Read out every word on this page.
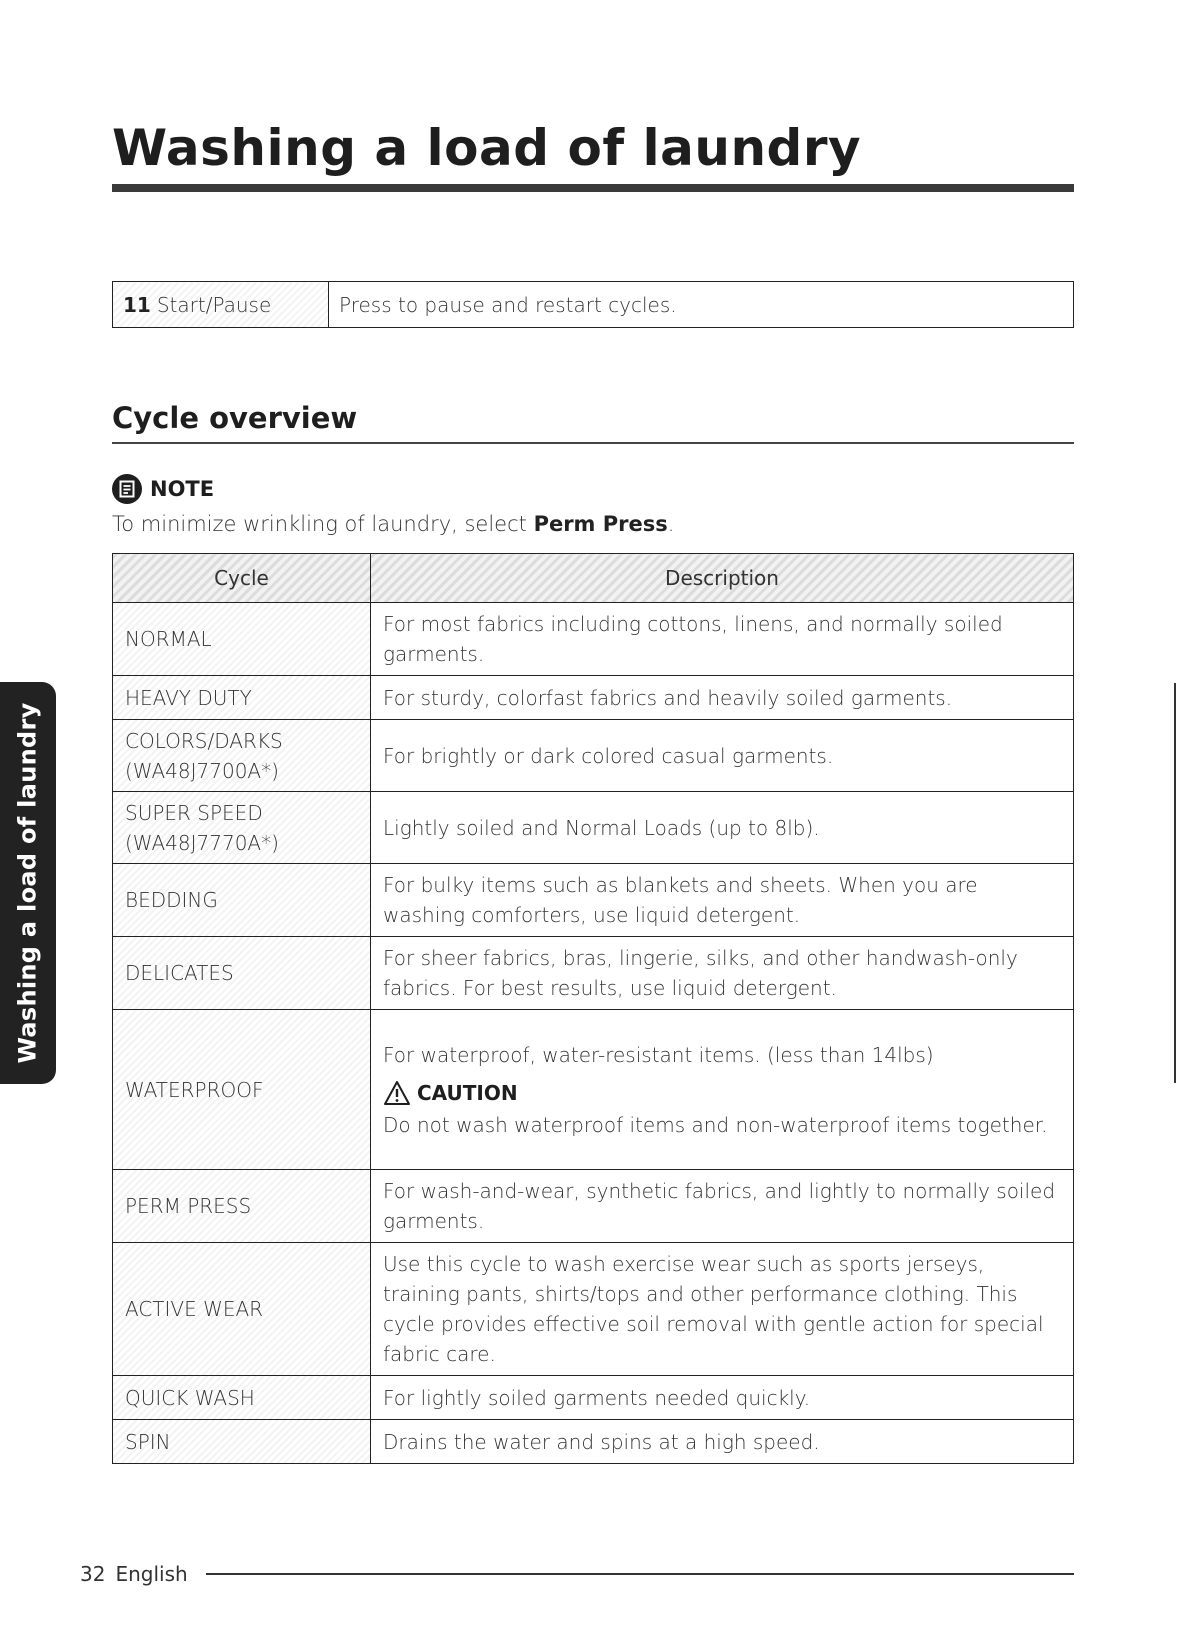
Washing a load of laundry
11 Start/Pause	Press to pause and restart cycles.
Cycle overview
NOTE
To minimize wrinkling of laundry, select Perm Press.
Cycle	Description

NORMAL	For most fabrics including cottons, linens, and normally soiled garments.

HEAVY DUTY	For sturdy, colorfast fabrics and heavily soiled garments.

COLORS/DARKS
(WA48J7700A*)	For brightly or dark colored casual garments.

SUPER SPEED
(WA48J7770A*)	Lightly soiled and Normal Loads (up to 8lb).

BEDDING	For bulky items such as blankets and sheets. When you are washing comforters, use liquid detergent.

DELICATES	For sheer fabrics, bras, lingerie, silks, and other handwash-only fabrics. For best results, use liquid detergent.

WATERPROOF	For waterproof, water-resistant items. (less than 14lbs)
CAUTION
Do not wash waterproof items and non-waterproof items together.

PERM PRESS	For wash-and-wear, synthetic fabrics, and lightly to normally soiled garments.

ACTIVE WEAR	Use this cycle to wash exercise wear such as sports jerseys, training pants, shirts/tops and other performance clothing. This cycle provides effective soil removal with gentle action for special fabric care.

QUICK WASH	For lightly soiled garments needed quickly.

SPIN	Drains the water and spins at a high speed.
Washing a load of laundry
32 English
